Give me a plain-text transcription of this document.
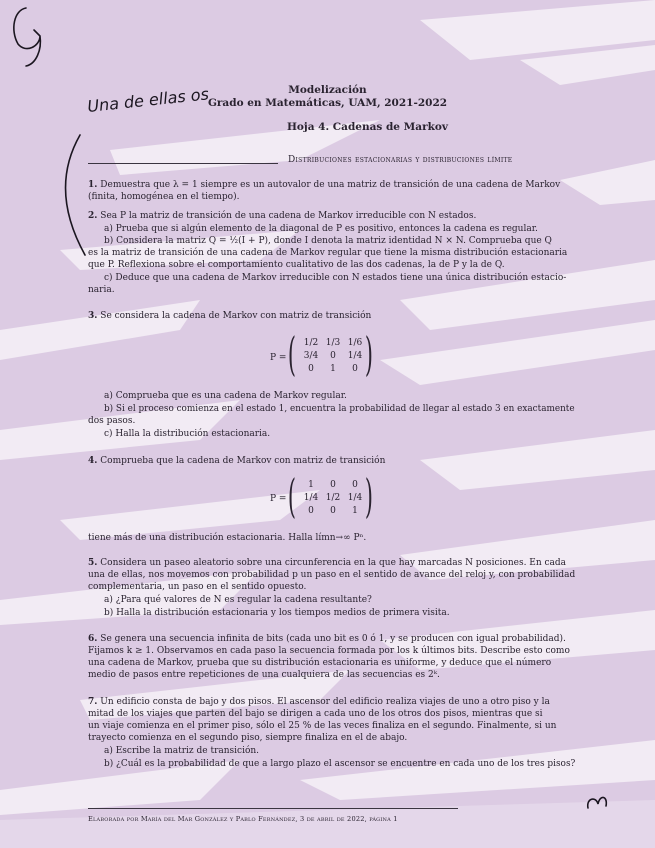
Una de ellas os	Modelización
Grado en Matemáticas, UAM, 2021-2022
Hoja 4. Cadenas de Markov
Distribuciones estacionarias y distribuciones límite
1. Demuestra que λ = 1 siempre es un autovalor de una matriz de transición de una cadena de Markov
(finita, homogénea en el tiempo).
2. Sea P la matriz de transición de una cadena de Markov irreducible con N estados.
a) Prueba que si algún elemento de la diagonal de P es positivo, entonces la cadena es regular.
b) Considera la matriz Q = ½(I + P), donde I denota la matriz identidad N × N. Comprueba que Q
es la matriz de transición de una cadena de Markov regular que tiene la misma distribución estacionaria
que P. Reflexiona sobre el comportamiento cualitativo de las dos cadenas, la de P y la de Q.
c) Deduce que una cadena de Markov irreducible con N estados tiene una única distribución estacio-
naria.
3. Se considera la cadena de Markov con matriz de transición
P = ( )
1/2 1/3 1/6
3/4	0	1/4
0	1	0
a) Comprueba que es una cadena de Markov regular.
b) Si el proceso comienza en el estado 1, encuentra la probabilidad de llegar al estado 3 en exactamente
dos pasos.
c) Halla la distribución estacionaria.
4. Comprueba que la cadena de Markov con matriz de transición
P = ( )
1	0	0
1/4 1/2 1/4
0	0	1
tiene más de una distribución estacionaria. Halla límn→∞ Pⁿ.
5. Considera un paseo aleatorio sobre una circunferencia en la que hay marcadas N posiciones. En cada
una de ellas, nos movemos con probabilidad p un paso en el sentido de avance del reloj y, con probabilidad
complementaria, un paso en el sentido opuesto.
a) ¿Para qué valores de N es regular la cadena resultante?
b) Halla la distribución estacionaria y los tiempos medios de primera visita.
6. Se genera una secuencia infinita de bits (cada uno bit es 0 ó 1, y se producen con igual probabilidad).
Fijamos k ≥ 1. Observamos en cada paso la secuencia formada por los k últimos bits. Describe esto como
una cadena de Markov, prueba que su distribución estacionaria es uniforme, y deduce que el número
medio de pasos entre repeticiones de una cualquiera de las secuencias es 2ᵏ.
7. Un edificio consta de bajo y dos pisos. El ascensor del edificio realiza viajes de uno a otro piso y la
mitad de los viajes que parten del bajo se dirigen a cada uno de los otros dos pisos, mientras que si
un viaje comienza en el primer piso, sólo el 25 % de las veces finaliza en el segundo. Finalmente, si un
trayecto comienza en el segundo piso, siempre finaliza en el de abajo.
a) Escribe la matriz de transición.
b) ¿Cuál es la probabilidad de que a largo plazo el ascensor se encuentre en cada uno de los tres pisos?
Elaborada por María del Mar González y Pablo Fernández, 3 de abril de 2022, página 1
